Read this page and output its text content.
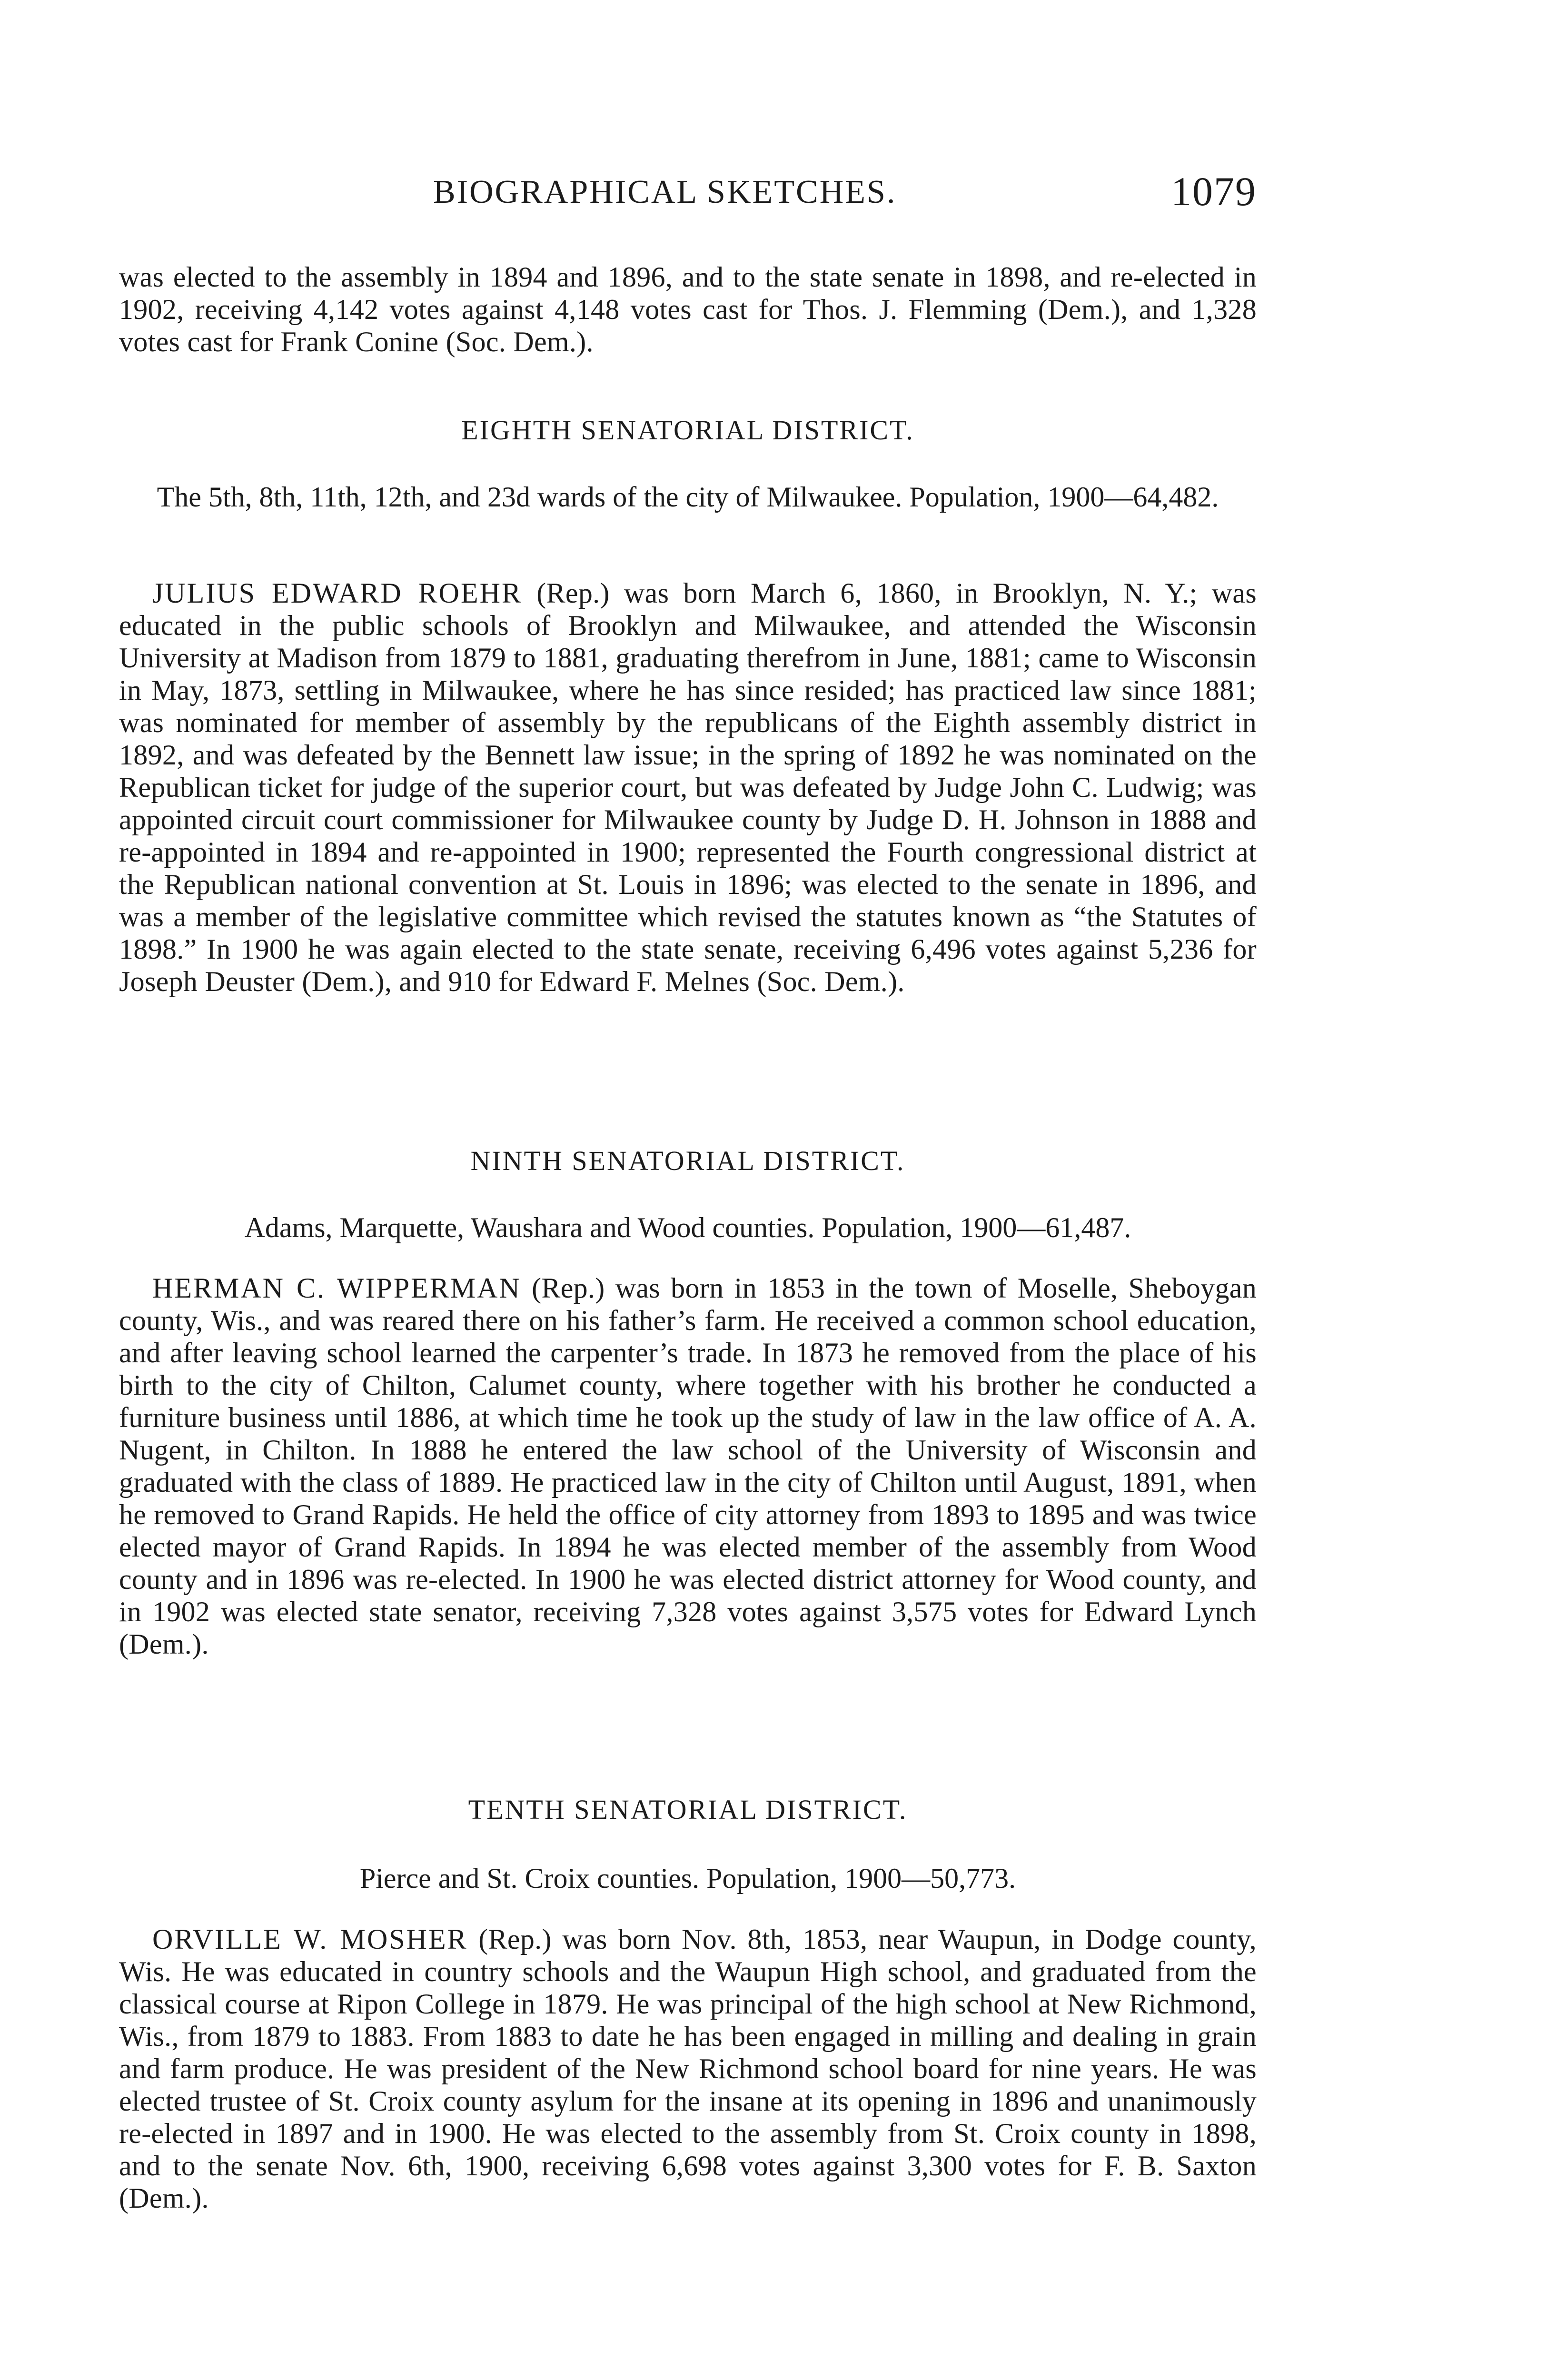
BIOGRAPHICAL SKETCHES.	1079

was elected to the assembly in 1894 and 1896, and to the state senate in 1898, and re-elected in 1902, receiving 4,142 votes against 4,148 votes cast for Thos. J. Flemming (Dem.), and 1,328 votes cast for Frank Conine (Soc. Dem.).

EIGHTH SENATORIAL DISTRICT.
The 5th, 8th, 11th, 12th, and 23d wards of the city of Milwaukee. Population, 1900—64,482.

JULIUS EDWARD ROEHR (Rep.) was born March 6, 1860, in Brooklyn, N. Y.; was educated in the public schools of Brooklyn and Milwaukee, and attended the Wisconsin University at Madison from 1879 to 1881, graduating therefrom in June, 1881; came to Wisconsin in May, 1873, settling in Milwaukee, where he has since resided; has practiced law since 1881; was nominated for member of assembly by the republicans of the Eighth assembly district in 1892, and was defeated by the Bennett law issue; in the spring of 1892 he was nominated on the Republican ticket for judge of the superior court, but was defeated by Judge John C. Ludwig; was appointed circuit court commissioner for Milwaukee county by Judge D. H. Johnson in 1888 and re-appointed in 1894 and re-appointed in 1900; represented the Fourth congressional district at the Republican national convention at St. Louis in 1896; was elected to the senate in 1896, and was a member of the legislative committee which revised the statutes known as “the Statutes of 1898.” In 1900 he was again elected to the state senate, receiving 6,496 votes against 5,236 for Joseph Deuster (Dem.), and 910 for Edward F. Melnes (Soc. Dem.).

NINTH SENATORIAL DISTRICT.
Adams, Marquette, Waushara and Wood counties. Population, 1900—61,487.

HERMAN C. WIPPERMAN (Rep.) was born in 1853 in the town of Moselle, Sheboygan county, Wis., and was reared there on his father’s farm. He received a common school education, and after leaving school learned the carpenter’s trade. In 1873 he removed from the place of his birth to the city of Chilton, Calumet county, where together with his brother he conducted a furniture business until 1886, at which time he took up the study of law in the law office of A. A. Nugent, in Chilton. In 1888 he entered the law school of the University of Wisconsin and graduated with the class of 1889. He practiced law in the city of Chilton until August, 1891, when he removed to Grand Rapids. He held the office of city attorney from 1893 to 1895 and was twice elected mayor of Grand Rapids. In 1894 he was elected member of the assembly from Wood county and in 1896 was re-elected. In 1900 he was elected district attorney for Wood county, and in 1902 was elected state senator, receiving 7,328 votes against 3,575 votes for Edward Lynch (Dem.).

TENTH SENATORIAL DISTRICT.
Pierce and St. Croix counties. Population, 1900—50,773.

ORVILLE W. MOSHER (Rep.) was born Nov. 8th, 1853, near Waupun, in Dodge county, Wis. He was educated in country schools and the Waupun High school, and graduated from the classical course at Ripon College in 1879. He was principal of the high school at New Richmond, Wis., from 1879 to 1883. From 1883 to date he has been engaged in milling and dealing in grain and farm produce. He was president of the New Richmond school board for nine years. He was elected trustee of St. Croix county asylum for the insane at its opening in 1896 and unanimously re-elected in 1897 and in 1900. He was elected to the assembly from St. Croix county in 1898, and to the senate Nov. 6th, 1900, receiving 6,698 votes against 3,300 votes for F. B. Saxton (Dem.).
